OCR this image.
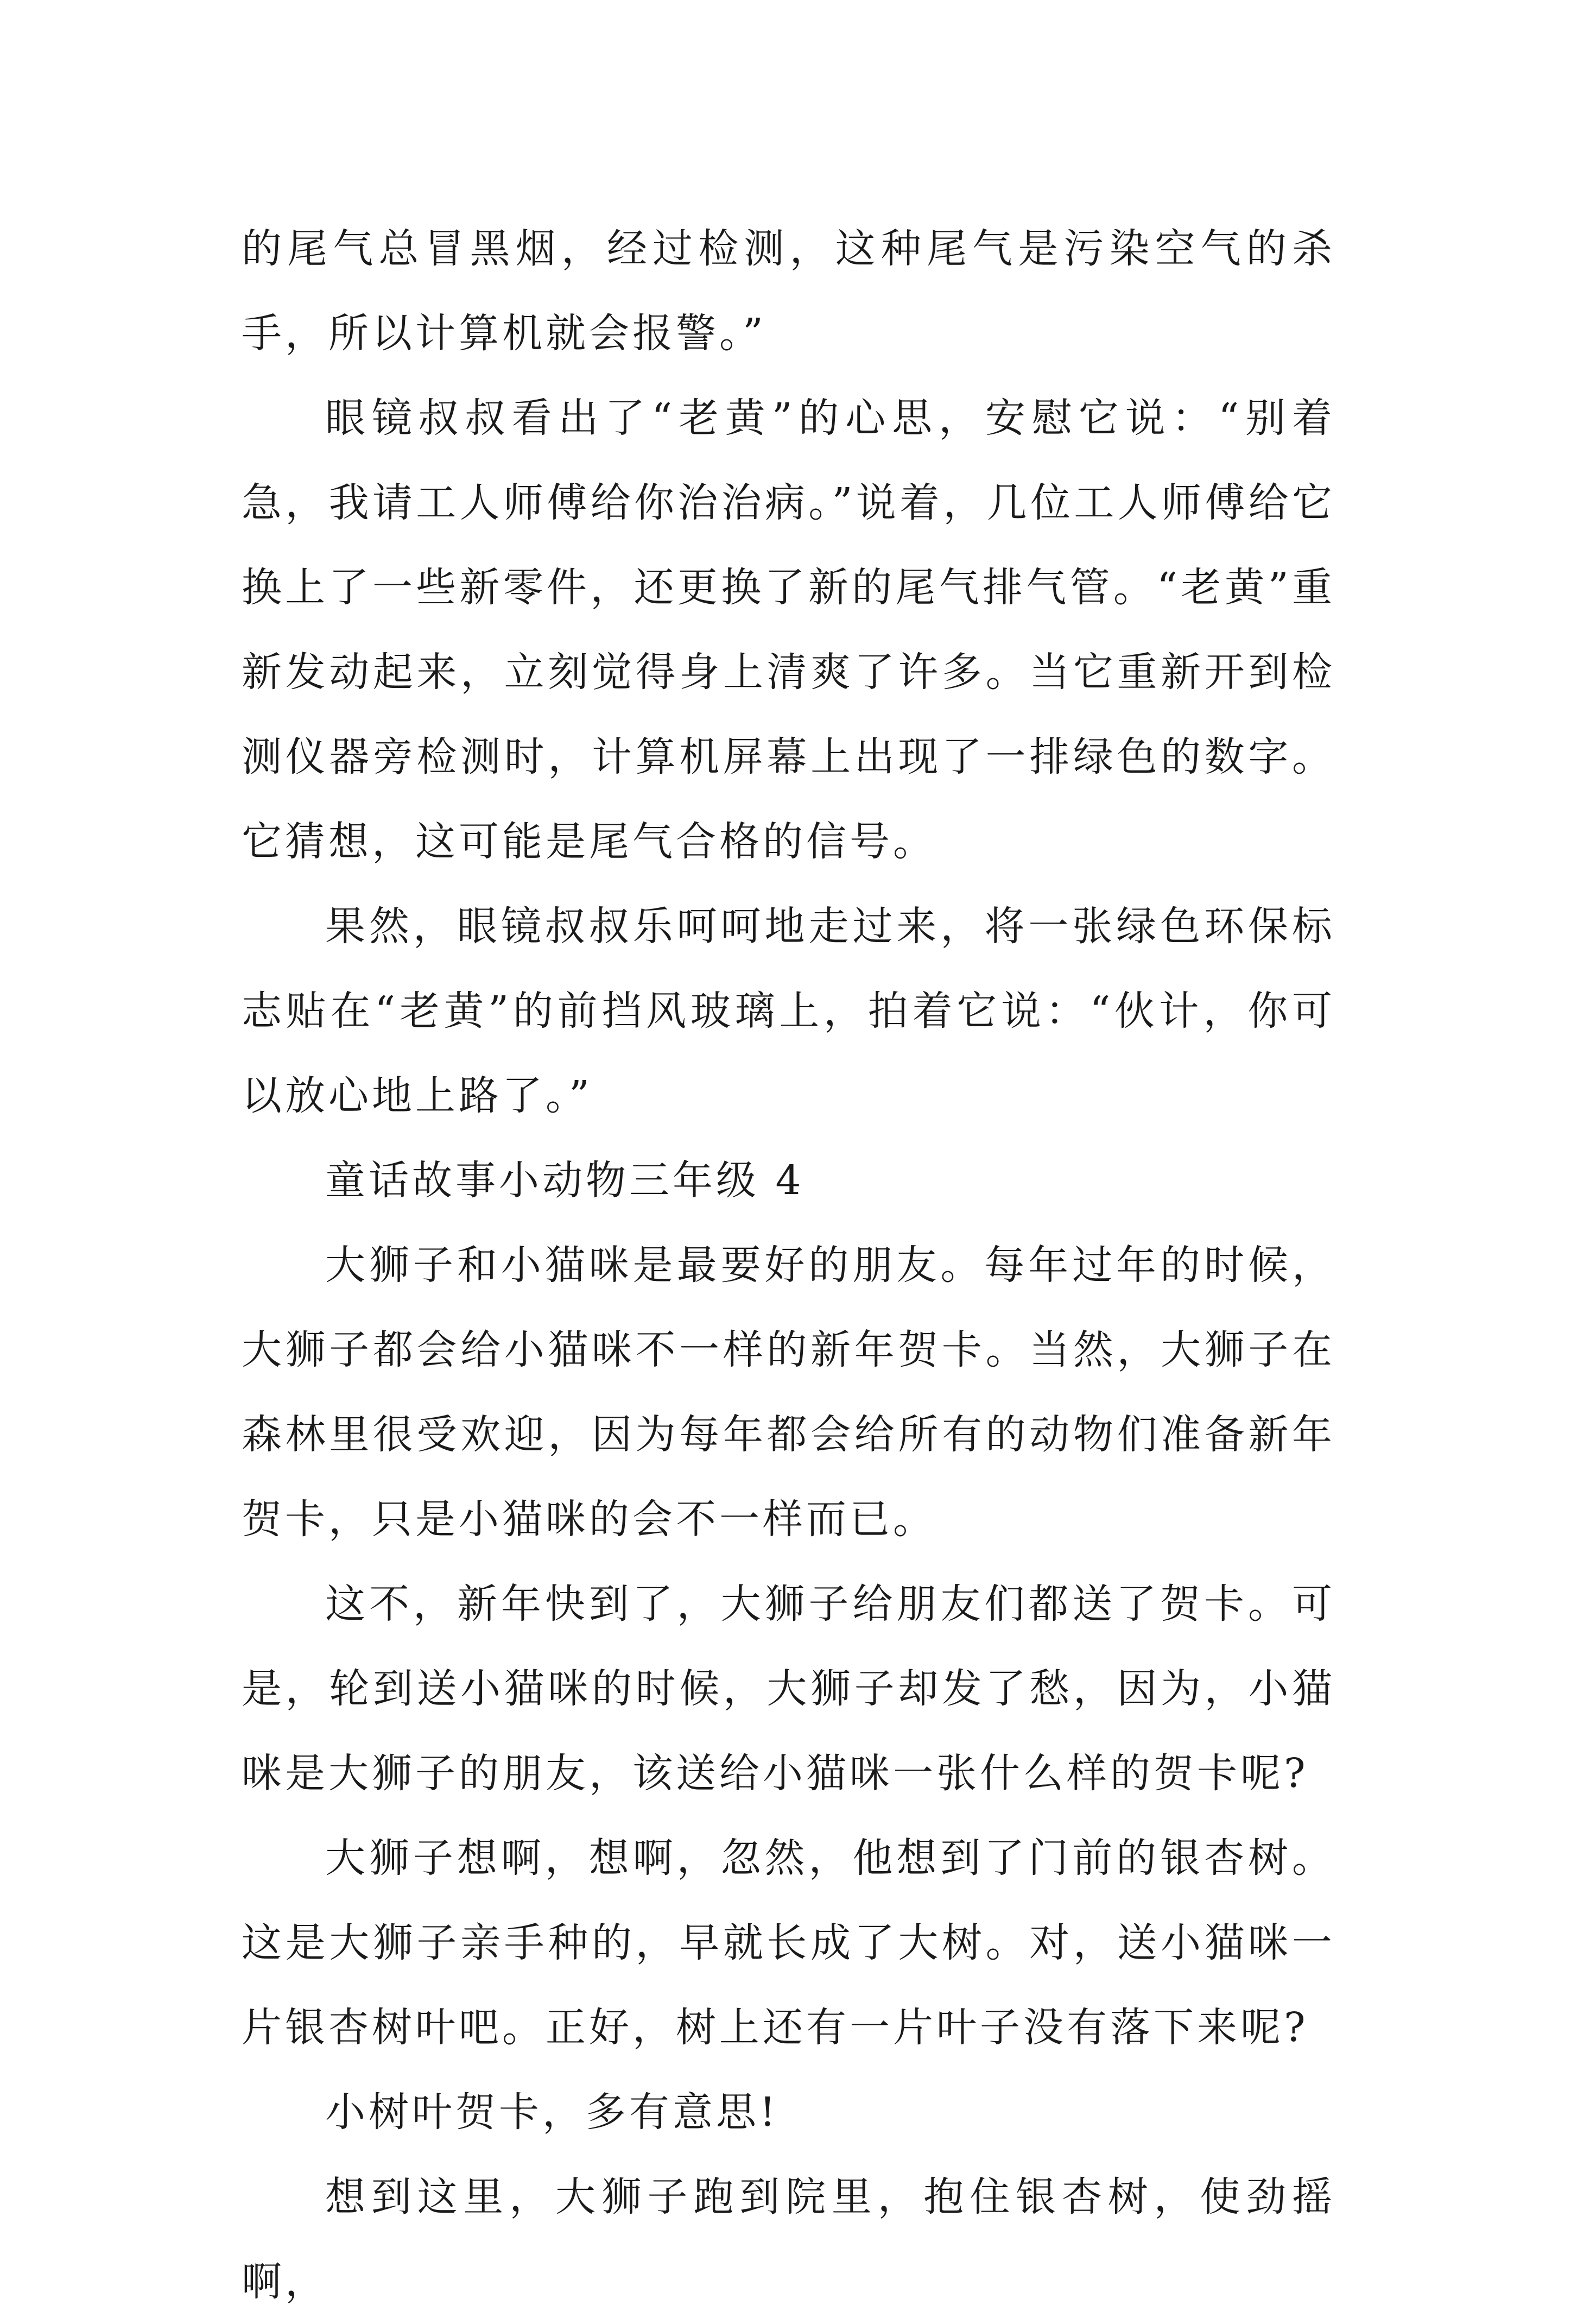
的尾气总冒黑烟，经过检测，这种尾气是污染空气的杀手，所以计算机就会报警。”

眼镜叔叔看出了“老黄”的心思，安慰它说：“别着急，我请工人师傅给你治治病。”说着，几位工人师傅给它换上了一些新零件，还更换了新的尾气排气管。“老黄”重新发动起来，立刻觉得身上清爽了许多。当它重新开到检测仪器旁检测时，计算机屏幕上出现了一排绿色的数字。它猜想，这可能是尾气合格的信号。

果然，眼镜叔叔乐呵呵地走过来，将一张绿色环保标志贴在“老黄”的前挡风玻璃上，拍着它说：“伙计，你可以放心地上路了。”

童话故事小动物三年级 4

大狮子和小猫咪是最要好的朋友。每年过年的时候，大狮子都会给小猫咪不一样的新年贺卡。当然，大狮子在森林里很受欢迎，因为每年都会给所有的动物们准备新年贺卡，只是小猫咪的会不一样而已。

这不，新年快到了，大狮子给朋友们都送了贺卡。可是，轮到送小猫咪的时候，大狮子却发了愁，因为，小猫咪是大狮子的朋友，该送给小猫咪一张什么样的贺卡呢?

大狮子想啊，想啊，忽然，他想到了门前的银杏树。这是大狮子亲手种的，早就长成了大树。对，送小猫咪一片银杏树叶吧。正好，树上还有一片叶子没有落下来呢?

小树叶贺卡，多有意思!

想到这里，大狮子跑到院里，抱住银杏树，使劲摇啊，
